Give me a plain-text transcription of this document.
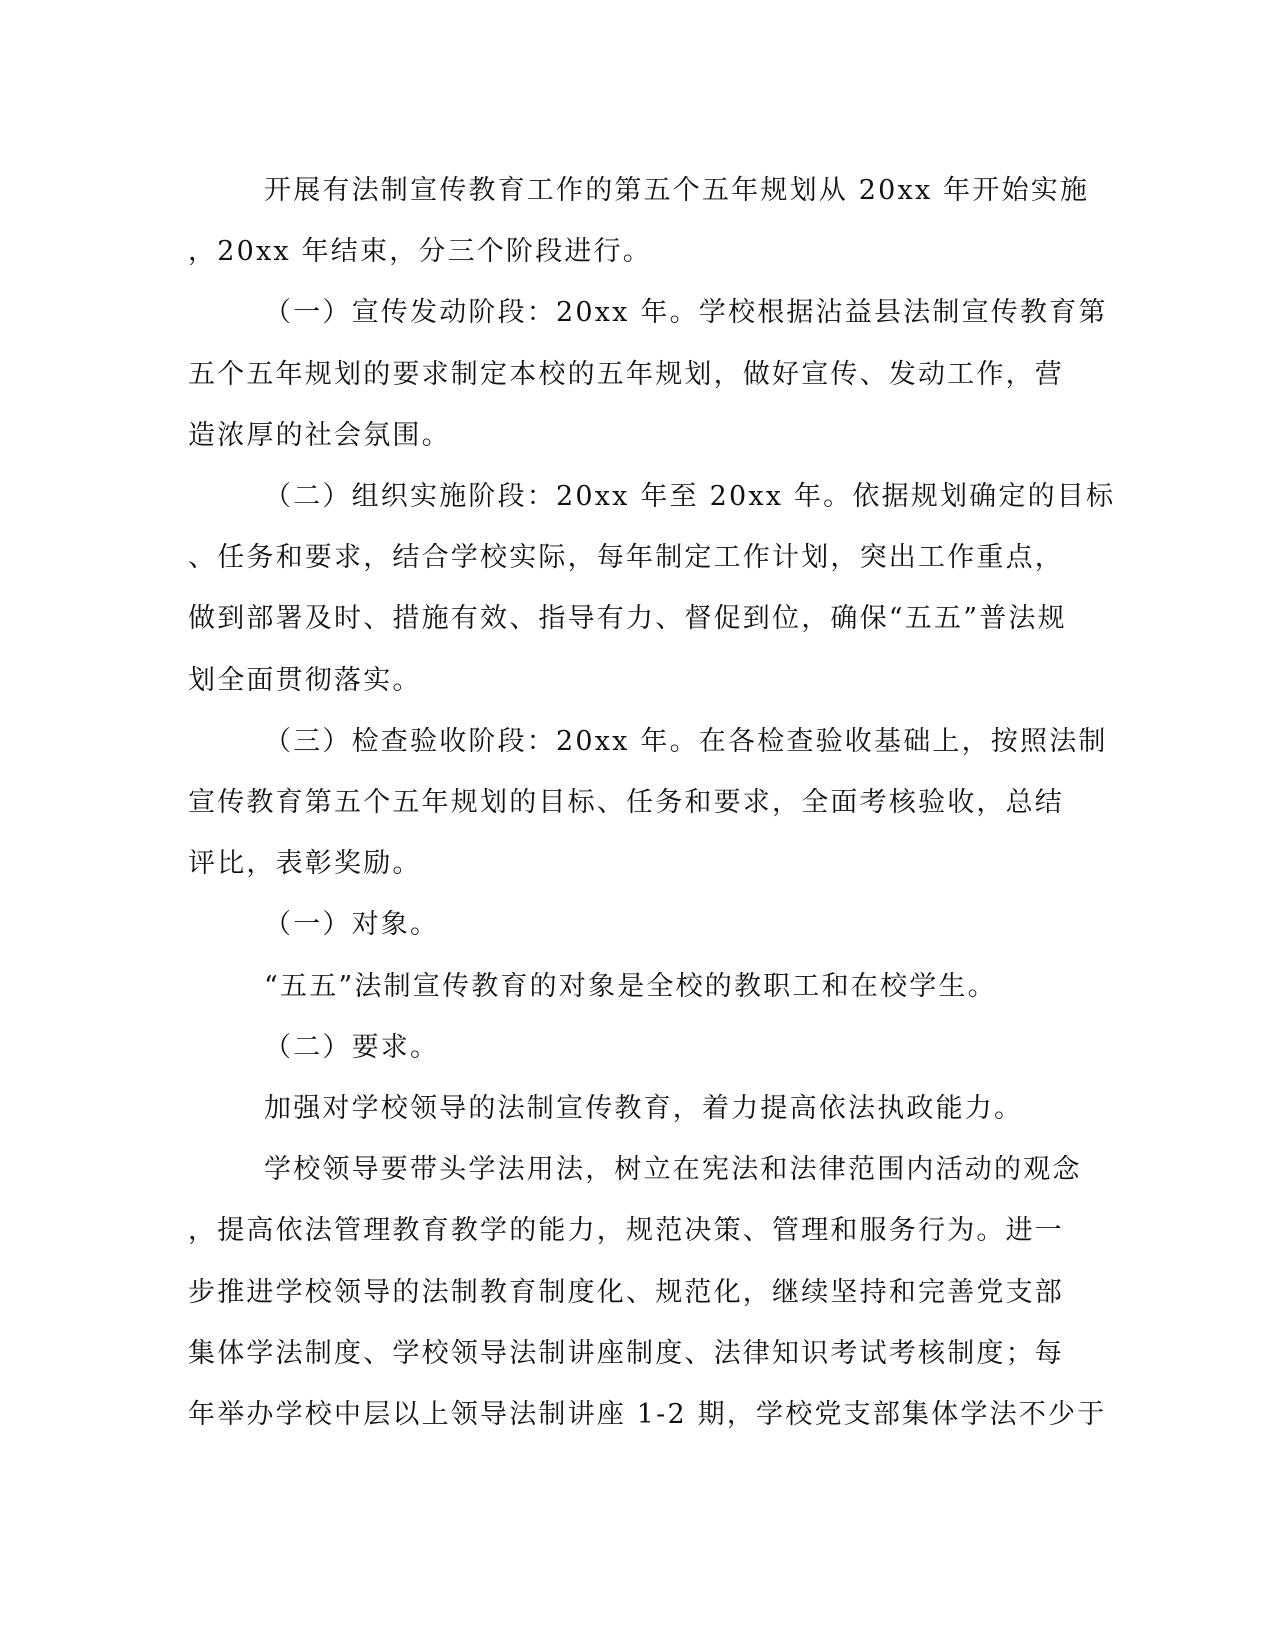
开展有法制宣传教育工作的第五个五年规划从 20xx 年开始实施
，20xx 年结束，分三个阶段进行。

（一）宣传发动阶段：20xx 年。学校根据沾益县法制宣传教育第
五个五年规划的要求制定本校的五年规划，做好宣传、发动工作，营
造浓厚的社会氛围。

（二）组织实施阶段：20xx 年至 20xx 年。依据规划确定的目标
、任务和要求，结合学校实际，每年制定工作计划，突出工作重点，
做到部署及时、措施有效、指导有力、督促到位，确保“五五”普法规
划全面贯彻落实。

（三）检查验收阶段：20xx 年。在各检查验收基础上，按照法制
宣传教育第五个五年规划的目标、任务和要求，全面考核验收，总结
评比，表彰奖励。

（一）对象。

“五五”法制宣传教育的对象是全校的教职工和在校学生。

（二）要求。

加强对学校领导的法制宣传教育，着力提高依法执政能力。

学校领导要带头学法用法，树立在宪法和法律范围内活动的观念
，提高依法管理教育教学的能力，规范决策、管理和服务行为。进一
步推进学校领导的法制教育制度化、规范化，继续坚持和完善党支部
集体学法制度、学校领导法制讲座制度、法律知识考试考核制度；每
年举办学校中层以上领导法制讲座 1-2 期，学校党支部集体学法不少于
